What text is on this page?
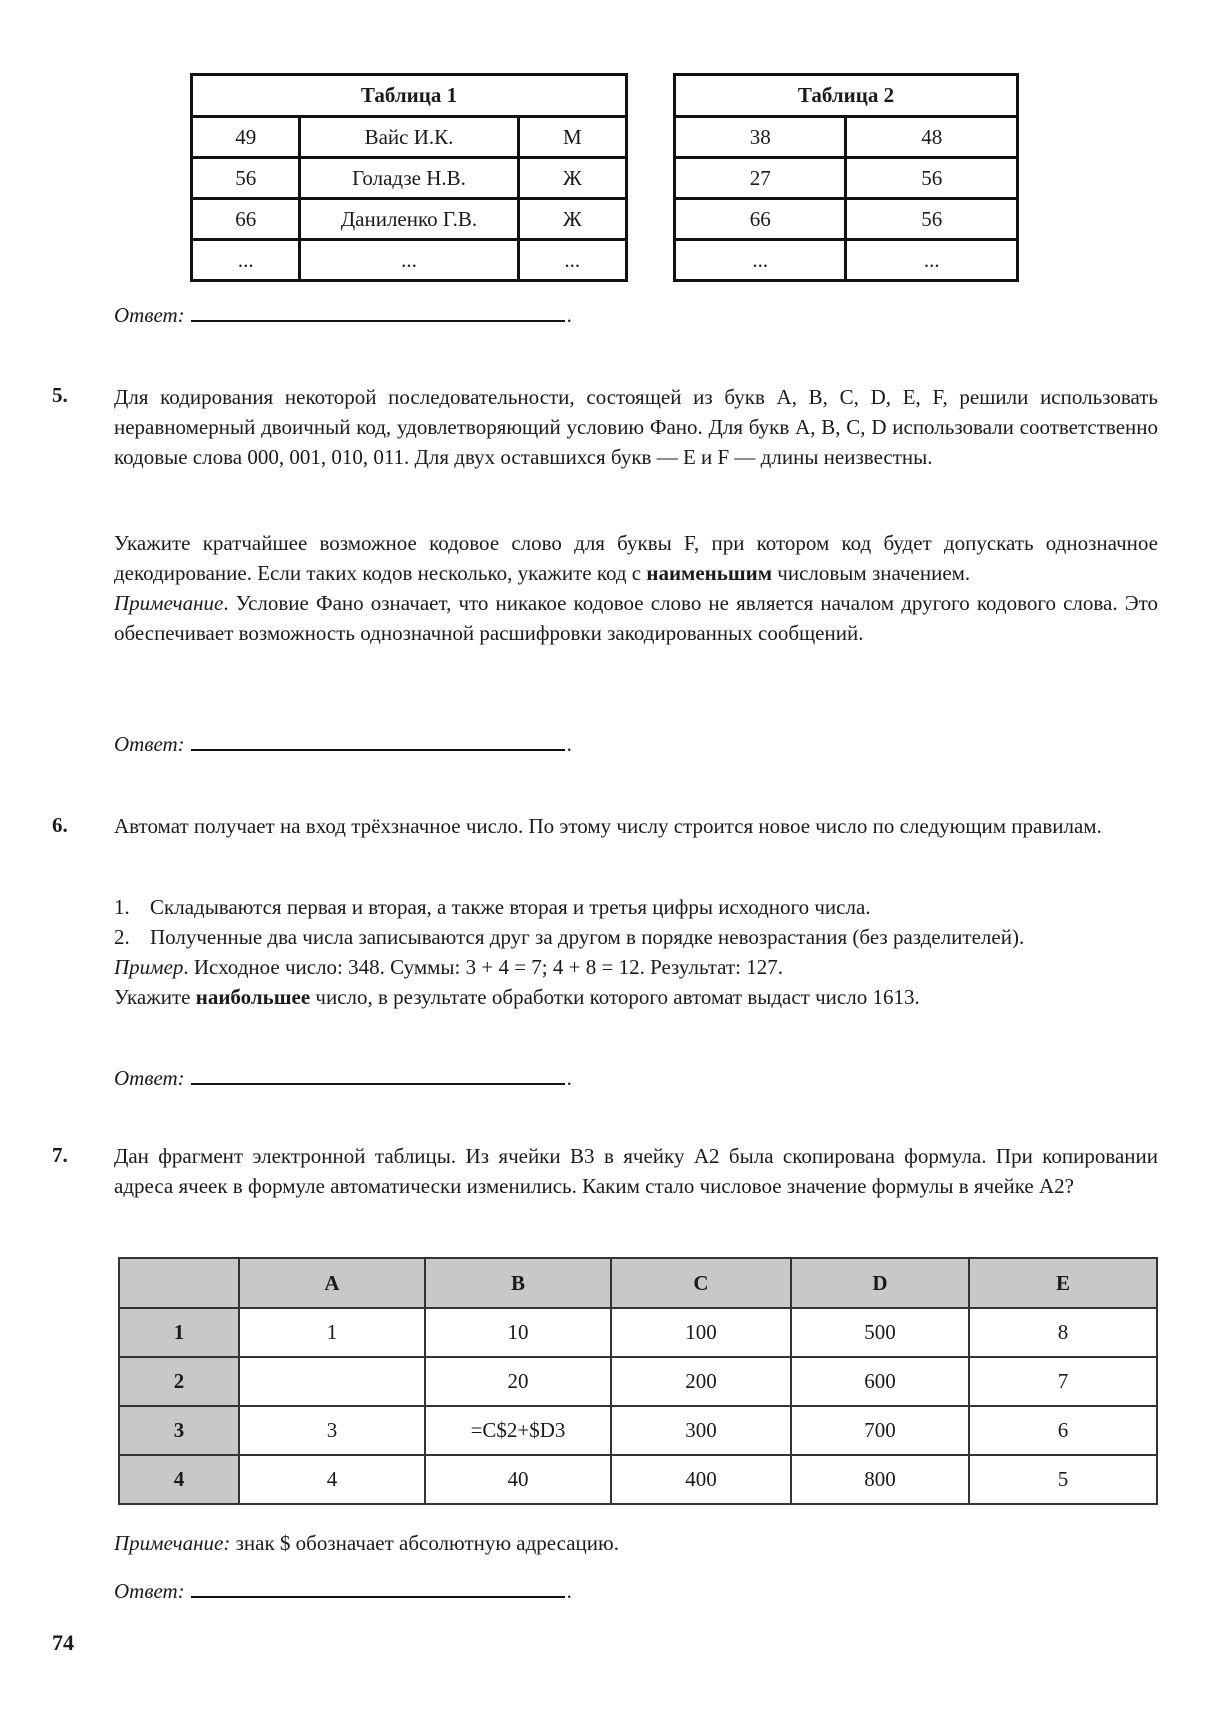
Таблица 1		
49	Вайс И.К.	М
56	Голадзе Н.В.	Ж
66	Даниленко Г.В.	Ж
...	...	...
Таблица 2	
38	48
27	56
66	56
...	...
Ответ:	.
5. Для кодирования некоторой последовательности, состоящей из букв A, B, C, D, E, F, решили использовать неравномерный двоичный код, удовлетворяющий условию Фано. Для букв A, B, C, D использовали соответственно кодовые слова 000, 001, 010, 011. Для двух оставшихся букв — E и F — длины неизвестны.
Укажите кратчайшее возможное кодовое слово для буквы F, при котором код будет допускать однозначное декодирование. Если таких кодов несколько, укажите код с наименьшим числовым значением.
Примечание. Условие Фано означает, что никакое кодовое слово не является началом другого кодового слова. Это обеспечивает возможность однозначной расшифровки закодированных сообщений.
Ответ:	.
6. Автомат получает на вход трёхзначное число. По этому числу строится новое число по следующим правилам.
1. Складываются первая и вторая, а также вторая и третья цифры исходного числа.
2. Полученные два числа записываются друг за другом в порядке невозрастания (без разделителей).
Пример. Исходное число: 348. Суммы: 3 + 4 = 7; 4 + 8 = 12. Результат: 127.
Укажите наибольшее число, в результате обработки которого автомат выдаст число 1613.
Ответ:	.
7. Дан фрагмент электронной таблицы. Из ячейки B3 в ячейку A2 была скопирована формула. При копировании адреса ячеек в формуле автоматически изменились. Каким стало числовое значение формулы в ячейке A2?
	A	B	C	D	E
1	1	10	100	500	8
2		20	200	600	7
3	3	=C$2+$D3	300	700	6
4	4	40	400	800	5
Примечание: знак $ обозначает абсолютную адресацию.
Ответ:	.
74
